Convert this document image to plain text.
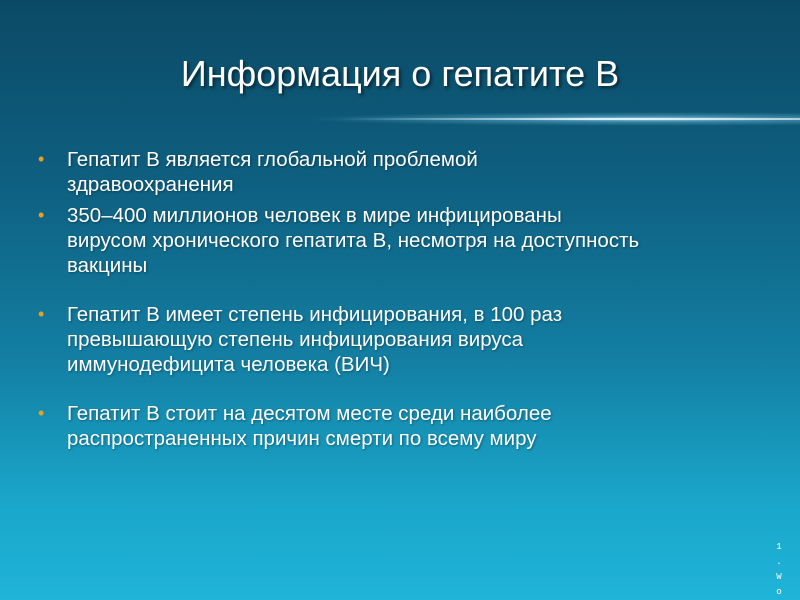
Информация о гепатите В
• Гепатит В является глобальной проблемой
здравоохранения
• 350–400 миллионов человек в мире инфицированы
вирусом хронического гепатита В, несмотря на доступность
вакцины
• Гепатит В имеет степень инфицирования, в 100 раз
превышающую степень инфицирования вируса
иммунодефицита человека (ВИЧ)
• Гепатит В стоит на десятом месте среди наиболее
распространенных причин смерти по всему миру
1
.
W
o
